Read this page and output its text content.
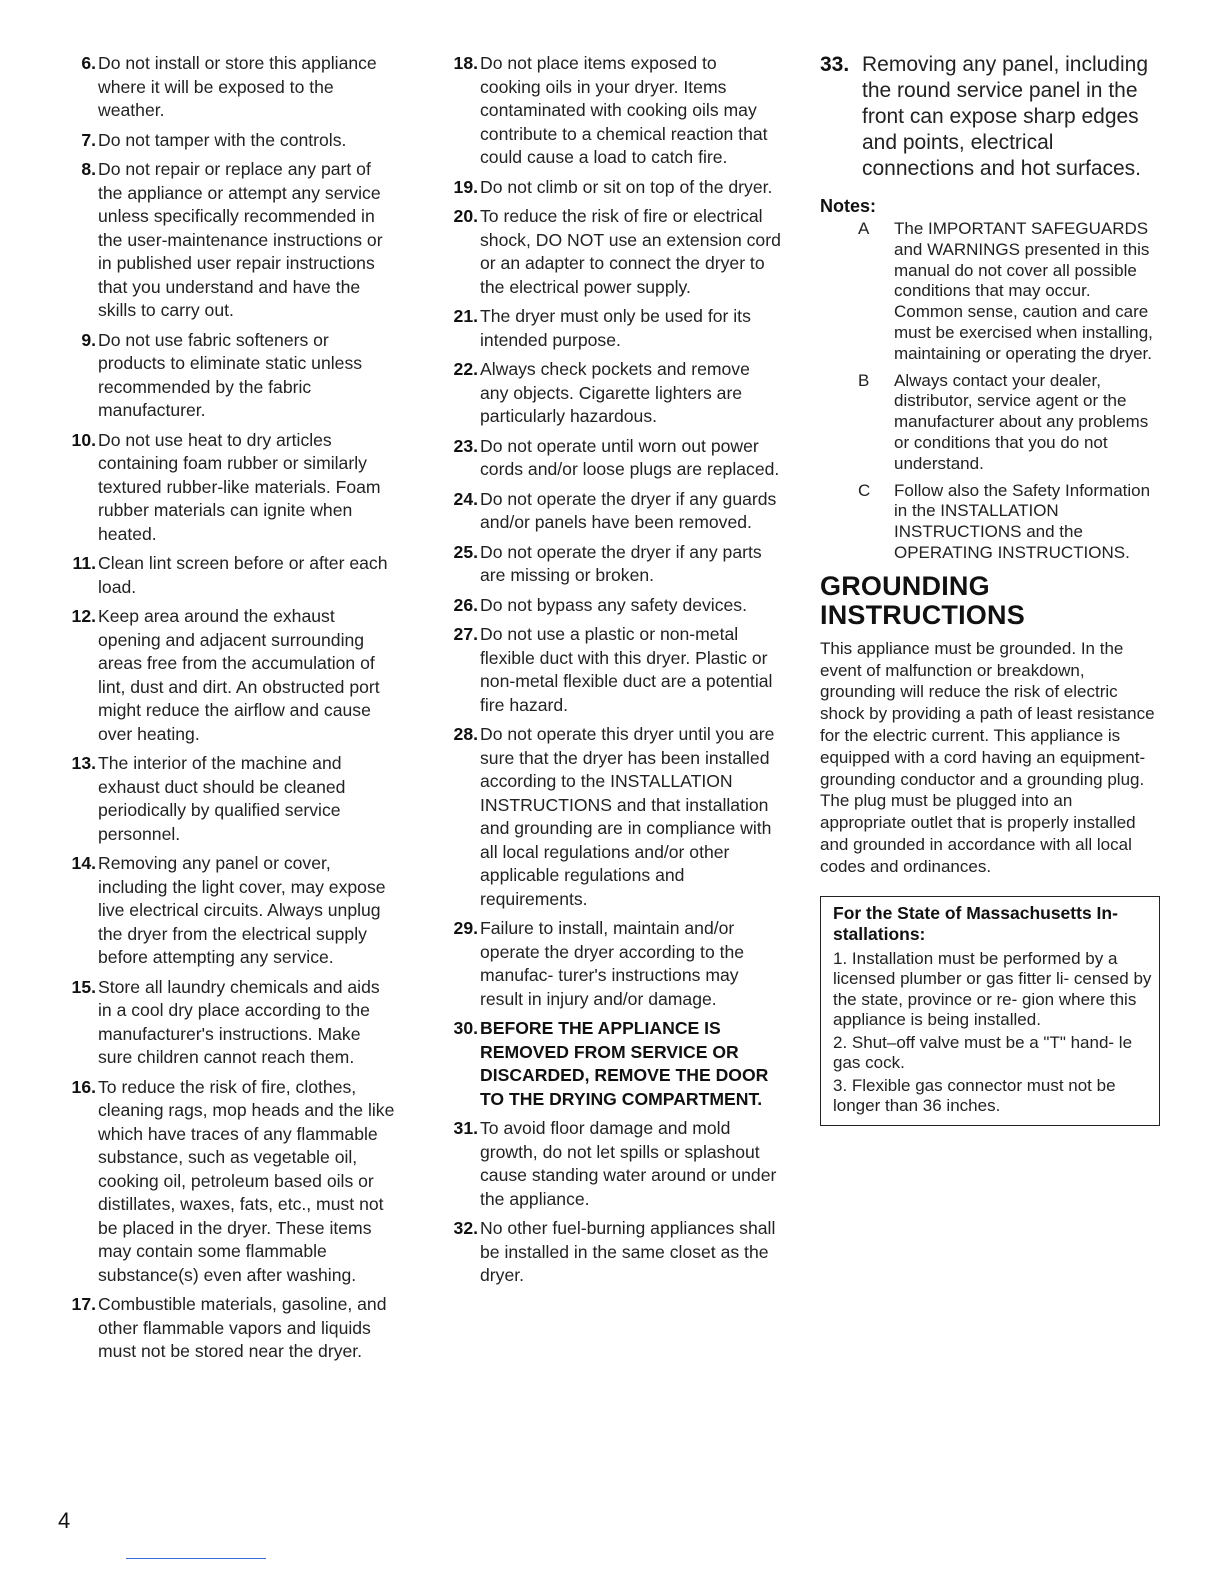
6. Do not install or store this appliance where it will be exposed to the weather.
7. Do not tamper with the controls.
8. Do not repair or replace any part of the appliance or attempt any service unless specifically recommended in the user-maintenance instructions or in published user repair instructions that you understand and have the skills to carry out.
9. Do not use fabric softeners or products to eliminate static unless recommended by the fabric manufacturer.
10. Do not use heat to dry articles containing foam rubber or similarly textured rubber-like materials. Foam rubber materials can ignite when heated.
11. Clean lint screen before or after each load.
12. Keep area around the exhaust opening and adjacent surrounding areas free from the accumulation of lint, dust and dirt. An obstructed port might reduce the airflow and cause over heating.
13. The interior of the machine and exhaust duct should be cleaned periodically by qualified service personnel.
14. Removing any panel or cover, including the light cover, may expose live electrical circuits. Always unplug the dryer from the electrical supply before attempting any service.
15. Store all laundry chemicals and aids in a cool dry place according to the manufacturer's instructions. Make sure children cannot reach them.
16. To reduce the risk of fire, clothes, cleaning rags, mop heads and the like which have traces of any flammable substance, such as vegetable oil, cooking oil, petroleum based oils or distillates, waxes, fats, etc., must not be placed in the dryer. These items may contain some flammable substance(s) even after washing.
17. Combustible materials, gasoline, and other flammable vapors and liquids must not be stored near the dryer.
18. Do not place items exposed to cooking oils in your dryer. Items contaminated with cooking oils may contribute to a chemical reaction that could cause a load to catch fire.
19. Do not climb or sit on top of the dryer.
20. To reduce the risk of fire or electrical shock, DO NOT use an extension cord or an adapter to connect the dryer to the electrical power supply.
21. The dryer must only be used for its intended purpose.
22. Always check pockets and remove any objects. Cigarette lighters are particularly hazardous.
23. Do not operate until worn out power cords and/or loose plugs are replaced.
24. Do not operate the dryer if any guards and/or panels have been removed.
25. Do not operate the dryer if any parts are missing or broken.
26. Do not bypass any safety devices.
27. Do not use a plastic or non-metal flexible duct with this dryer. Plastic or non-metal flexible duct are a potential fire hazard.
28. Do not operate this dryer until you are sure that the dryer has been installed according to the INSTALLATION INSTRUCTIONS and that installation and grounding are in compliance with all local regulations and/or other applicable regulations and requirements.
29. Failure to install, maintain and/or operate the dryer according to the manufac- turer's instructions may result in injury and/or damage.
30. BEFORE THE APPLIANCE IS REMOVED FROM SERVICE OR DISCARDED, REMOVE THE DOOR TO THE DRYING COMPARTMENT.
31. To avoid floor damage and mold growth, do not let spills or splashout cause standing water around or under the appliance.
32. No other fuel-burning appliances shall be installed in the same closet as the dryer.
33. Removing any panel, including the round service panel in the front can expose sharp edges and points, electrical connections and hot surfaces.
Notes:
A	The IMPORTANT SAFEGUARDS and WARNINGS presented in this manual do not cover all possible conditions that may occur.
Common sense, caution and care must be exercised when installing, maintaining or operating the dryer.
B	Always contact your dealer, distributor, service agent or the manufacturer about any problems or conditions that you do not understand.
C	Follow also the Safety Information in the INSTALLATION INSTRUCTIONS and the OPERATING INSTRUCTIONS.
GROUNDING
INSTRUCTIONS

This appliance must be grounded. In the event of malfunction or breakdown, grounding will reduce the risk of electric shock by providing a path of least resistance for the electric current. This appliance is equipped with a cord having an equipment-grounding conductor and a grounding plug. The plug must be plugged into an appropriate outlet that is properly installed and grounded in accordance with all local codes and ordinances.

For the State of Massachusetts In- stallations:
1. Installation must be performed by a licensed plumber or gas fitter li- censed by the state, province or re- gion where this appliance is being installed.
2. Shut–off valve must be a "T" hand- le gas cock.
3. Flexible gas connector must not be longer than 36 inches.
4
